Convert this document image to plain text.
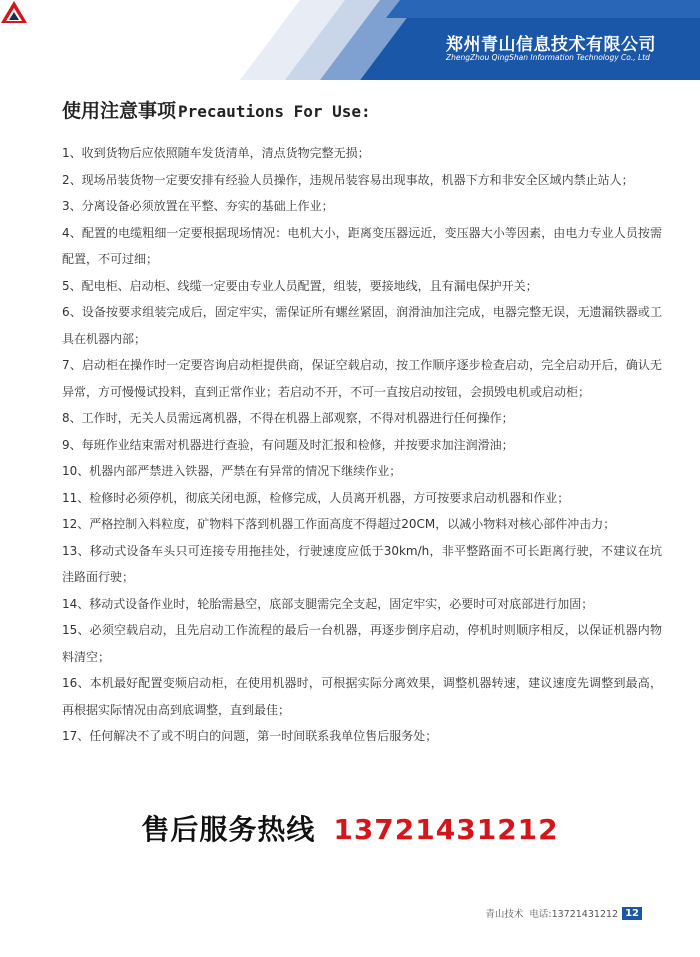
郑州青山信息技术有限公司
ZhengZhou QingShan Information Technology Co., Ltd
使用注意事项 Precautions For Use:
1、收到货物后应依照随车发货清单，清点货物完整无损；
2、现场吊装货物一定要安排有经验人员操作，违规吊装容易出现事故，机器下方和非安全区域内禁止站人；
3、分离设备必须放置在平整、夯实的基础上作业；
4、配置的电缆粗细一定要根据现场情况：电机大小，距离变压器远近，变压器大小等因素，由电力专业人员按需配置，不可过细；
5、配电柜、启动柜、线缆一定要由专业人员配置，组装，要接地线，且有漏电保护开关；
6、设备按要求组装完成后，固定牢实，需保证所有螺丝紧固，润滑油加注完成，电器完整无误，无遗漏铁器或工具在机器内部；
7、启动柜在操作时一定要咨询启动柜提供商，保证空载启动，按工作顺序逐步检查启动，完全启动开后，确认无异常，方可慢慢试投料，直到正常作业；若启动不开，不可一直按启动按钮，会损毁电机或启动柜；
8、工作时，无关人员需远离机器，不得在机器上部观察，不得对机器进行任何操作；
9、每班作业结束需对机器进行查验，有问题及时汇报和检修，并按要求加注润滑油；
10、机器内部严禁进入铁器，严禁在有异常的情况下继续作业；
11、检修时必须停机，彻底关闭电源，检修完成，人员离开机器，方可按要求启动机器和作业；
12、严格控制入料粒度，矿物料下落到机器工作面高度不得超过20CM，以减小物料对核心部件冲击力；
13、移动式设备车头只可连接专用拖挂处，行驶速度应低于30km/h，非平整路面不可长距离行驶，不建议在坑洼路面行驶；
14、移动式设备作业时，轮胎需悬空，底部支腿需完全支起，固定牢实，必要时可对底部进行加固；
15、必须空载启动，且先启动工作流程的最后一台机器，再逐步倒序启动，停机时则顺序相反，以保证机器内物料清空；
16、本机最好配置变频启动柜，在使用机器时，可根据实际分离效果，调整机器转速，建议速度先调整到最高，再根据实际情况由高到底调整，直到最佳；
17、任何解决不了或不明白的问题，第一时间联系我单位售后服务处；
售后服务热线 13721431212
青山技术 电话:13721431212 12
